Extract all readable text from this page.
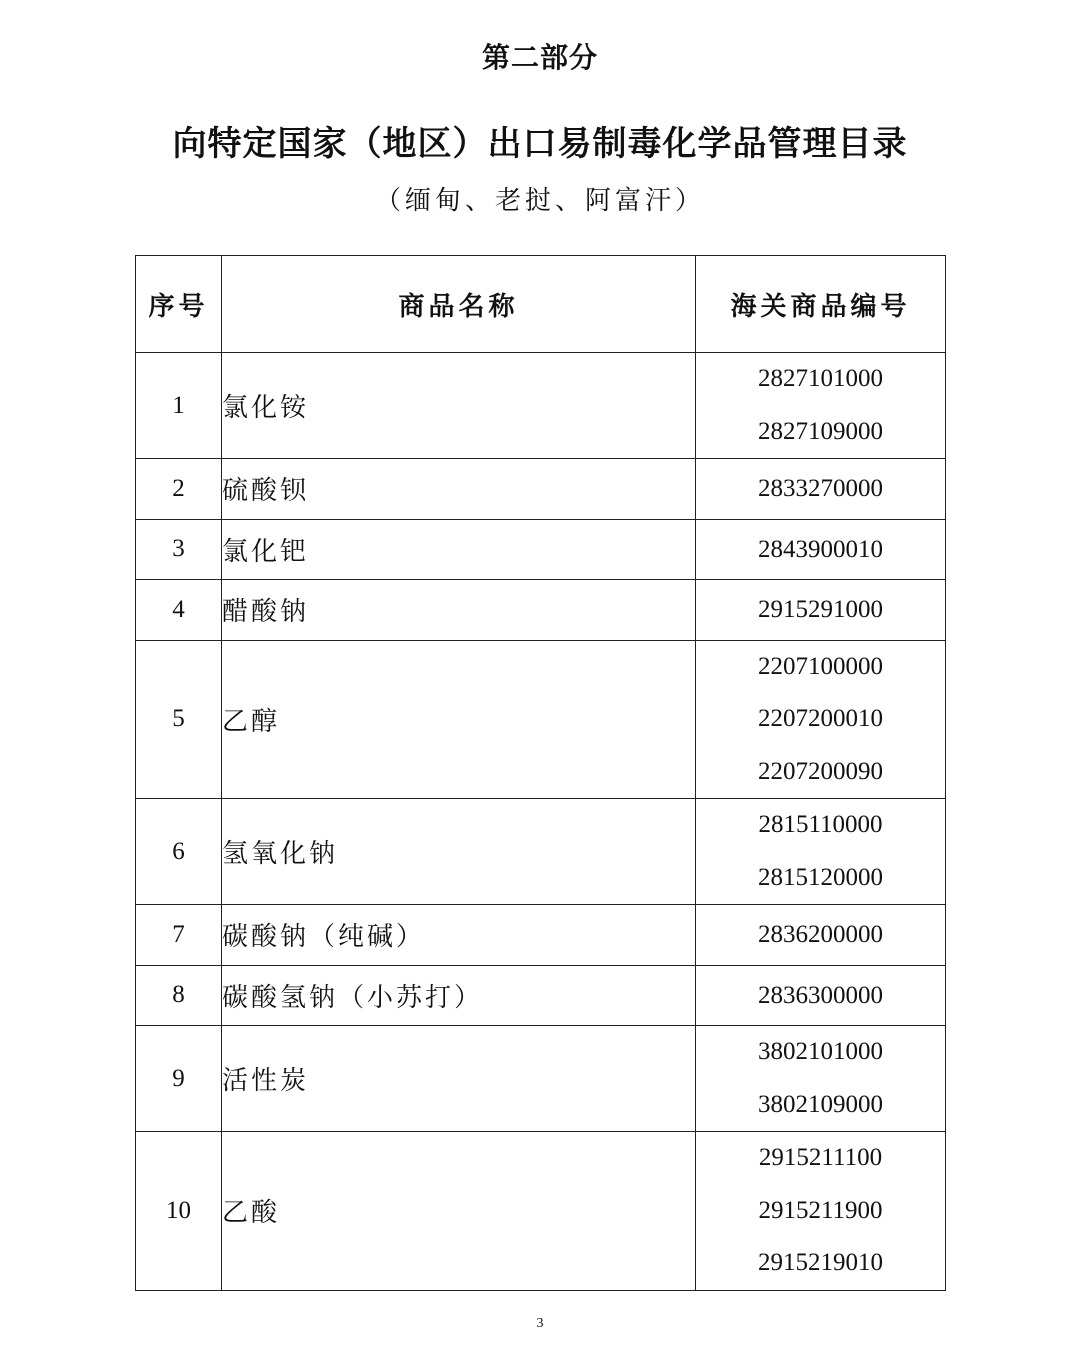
第二部分
向特定国家（地区）出口易制毒化学品管理目录
（缅甸、老挝、阿富汗）
序号	商品名称	海关商品编号
1	氯化铵	2827101000
2827109000

2	硫酸钡	2833270000

3	氯化钯	2843900010

4	醋酸钠	2915291000

5	乙醇	2207100000
2207200010
2207200090

6	氢氧化钠	2815110000
2815120000

7	碳酸钠（纯碱）	2836200000

8	碳酸氢钠（小苏打）	2836300000

9	活性炭	3802101000
3802109000

10	乙酸	2915211100
2915211900
2915219010
3
